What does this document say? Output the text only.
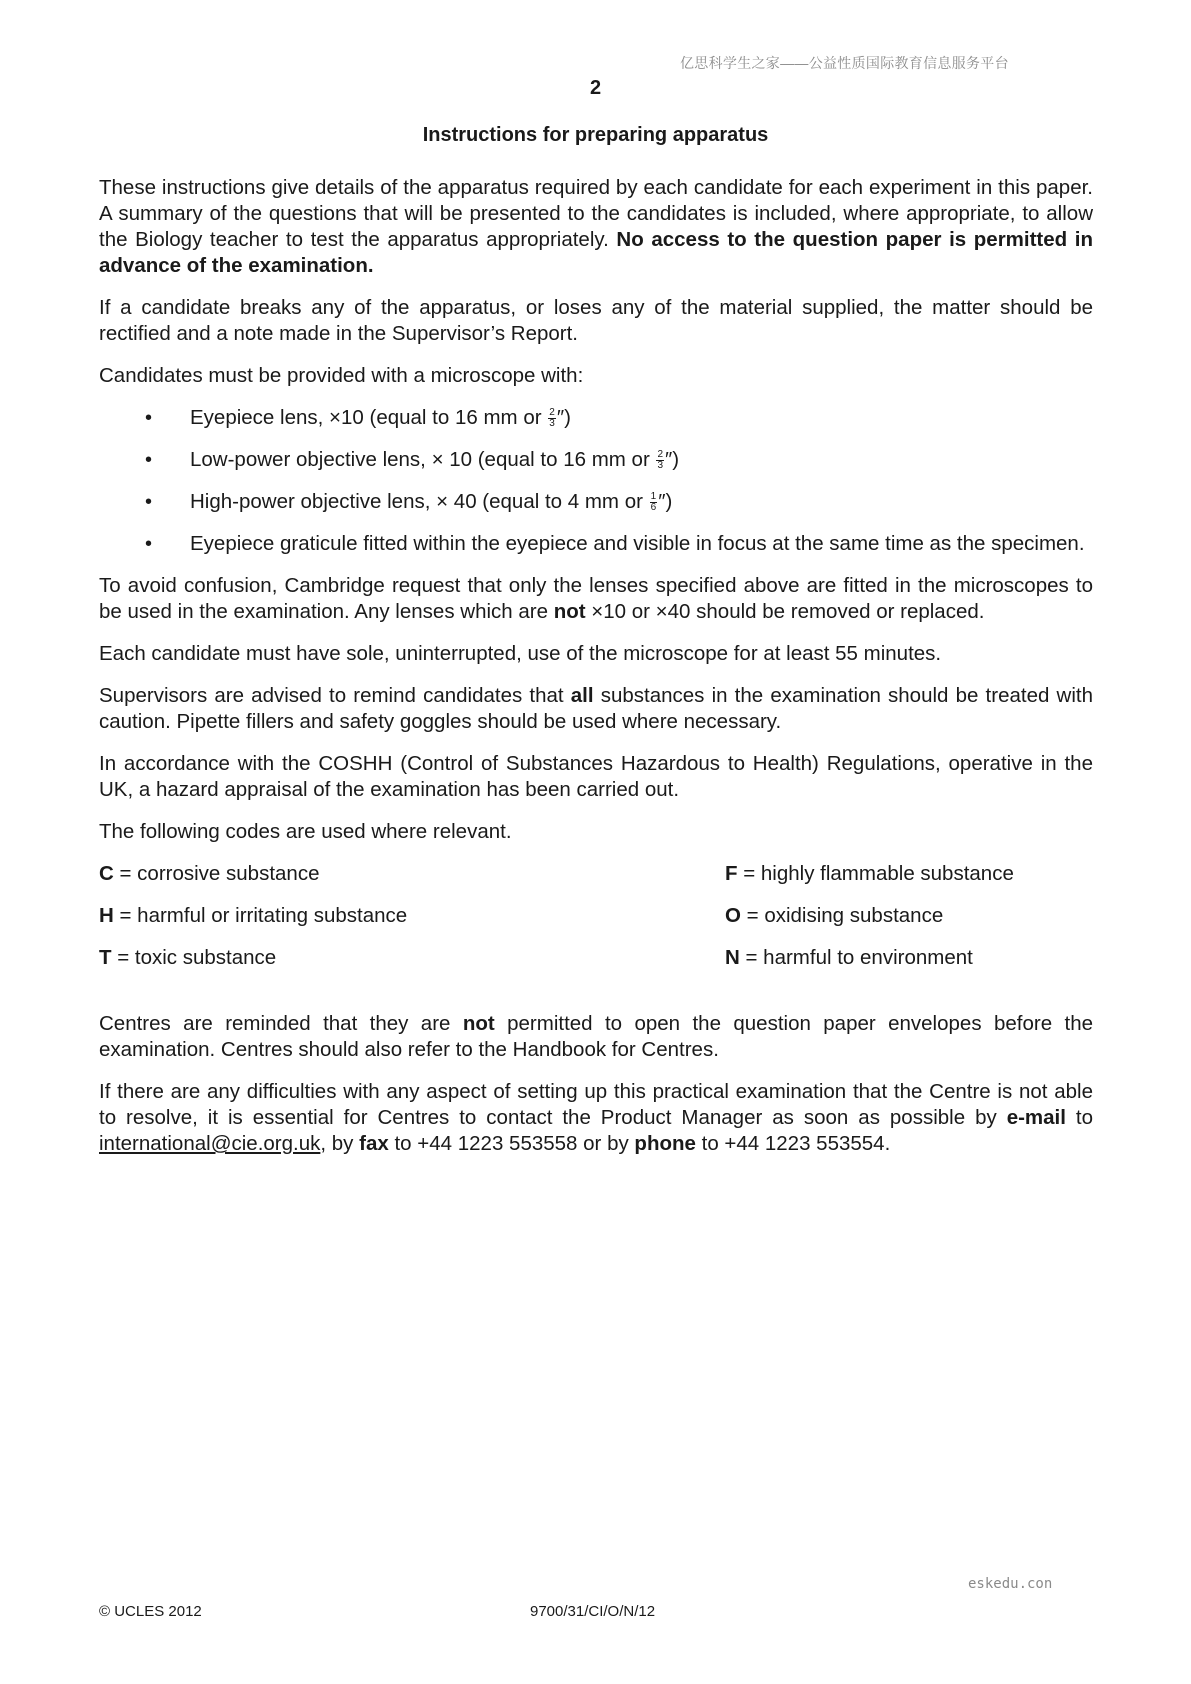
亿思科学生之家——公益性质国际教育信息服务平台
2
Instructions for preparing apparatus

These instructions give details of the apparatus required by each candidate for each experiment in this paper. A summary of the questions that will be presented to the candidates is included, where appropriate, to allow the Biology teacher to test the apparatus appropriately. No access to the question paper is permitted in advance of the examination.

If a candidate breaks any of the apparatus, or loses any of the material supplied, the matter should be rectified and a note made in the Supervisor’s Report.

Candidates must be provided with a microscope with:

• Eyepiece lens, ×10 (equal to 16 mm or $\frac{2}{3}$ ″)
• Low-power objective lens, × 10 (equal to 16 mm or $\frac{2}{3}$ ″)
• High-power objective lens, × 40 (equal to 4 mm or $\frac{1}{6}$ ″)
• Eyepiece graticule fitted within the eyepiece and visible in focus at the same time as the specimen.

To avoid confusion, Cambridge request that only the lenses specified above are fitted in the microscopes to be used in the examination. Any lenses which are not ×10 or ×40 should be removed or replaced.

Each candidate must have sole, uninterrupted, use of the microscope for at least 55 minutes.

Supervisors are advised to remind candidates that all substances in the examination should be treated with caution. Pipette fillers and safety goggles should be used where necessary.

In accordance with the COSHH (Control of Substances Hazardous to Health) Regulations, operative in the UK, a hazard appraisal of the examination has been carried out.

The following codes are used where relevant.

C = corrosive substance	F = highly flammable substance
H = harmful or irritating substance	O = oxidising substance
T = toxic substance	N = harmful to environment

Centres are reminded that they are not permitted to open the question paper envelopes before the examination. Centres should also refer to the Handbook for Centres.

If there are any difficulties with any aspect of setting up this practical examination that the Centre is not able to resolve, it is essential for Centres to contact the Product Manager as soon as possible by e-mail to international@cie.org.uk, by fax to +44 1223 553558 or by phone to +44 1223 553554.

eskedu.con
© UCLES 2012	9700/31/CI/O/N/12
